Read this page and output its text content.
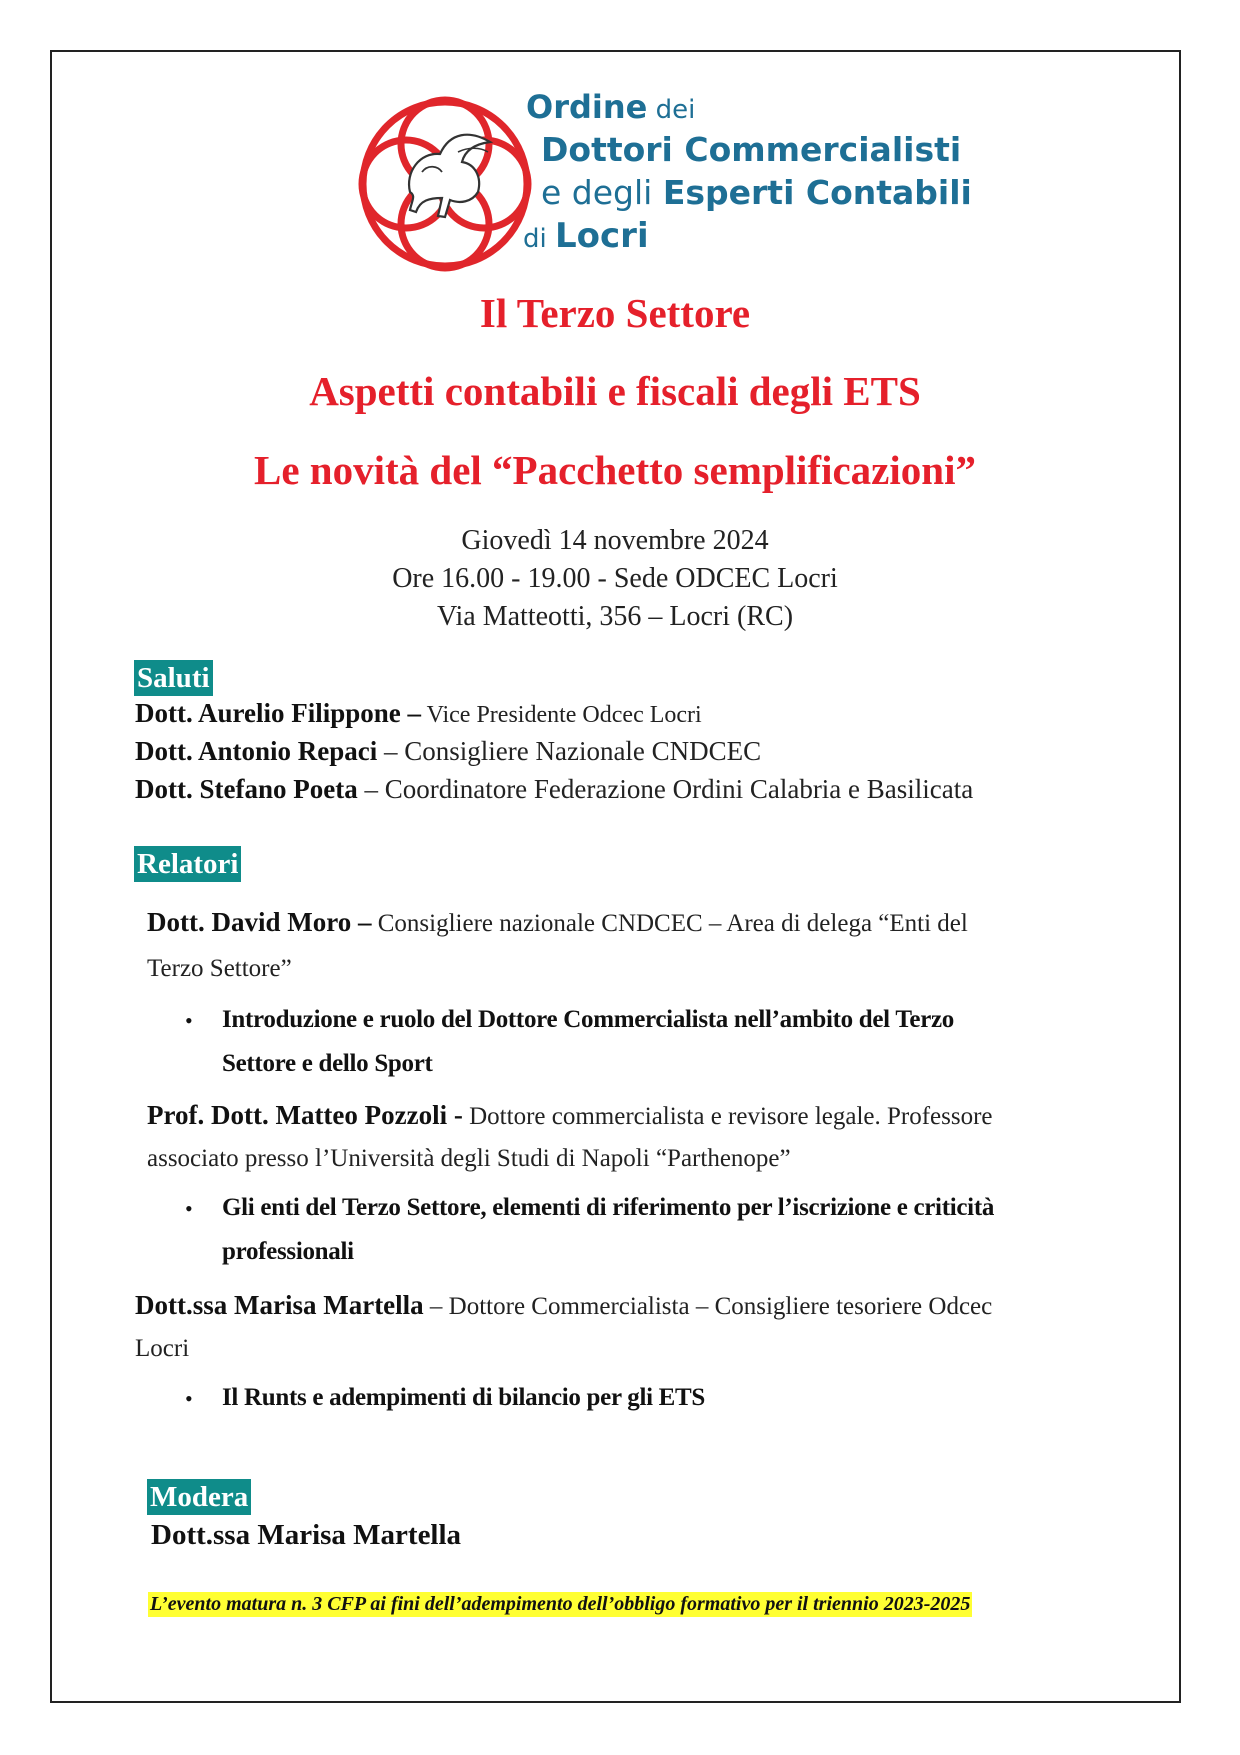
Ordine dei
Dottori Commercialisti
e degli Esperti Contabili
di Locri
Il Terzo Settore
Aspetti contabili e fiscali degli ETS
Le novità del “Pacchetto semplificazioni”
Giovedì 14 novembre 2024
Ore 16.00 - 19.00 - Sede ODCEC Locri
Via Matteotti, 356 – Locri (RC)
Saluti
Dott. Aurelio Filippone – Vice Presidente Odcec Locri
Dott. Antonio Repaci – Consigliere Nazionale CNDCEC
Dott. Stefano Poeta – Coordinatore Federazione Ordini Calabria e Basilicata
Relatori
Dott. David Moro – Consigliere nazionale CNDCEC – Area di delega “Enti del
Terzo Settore”
• Introduzione e ruolo del Dottore Commercialista nell’ambito del Terzo
Settore e dello Sport
Prof. Dott. Matteo Pozzoli - Dottore commercialista e revisore legale. Professore
associato presso l’Università degli Studi di Napoli “Parthenope”
• Gli enti del Terzo Settore, elementi di riferimento per l’iscrizione e criticità
professionali
Dott.ssa Marisa Martella – Dottore Commercialista – Consigliere tesoriere Odcec
Locri
• Il Runts e adempimenti di bilancio per gli ETS
Modera
Dott.ssa Marisa Martella
L’evento matura n. 3 CFP ai fini dell’adempimento dell’obbligo formativo per il triennio 2023-2025
